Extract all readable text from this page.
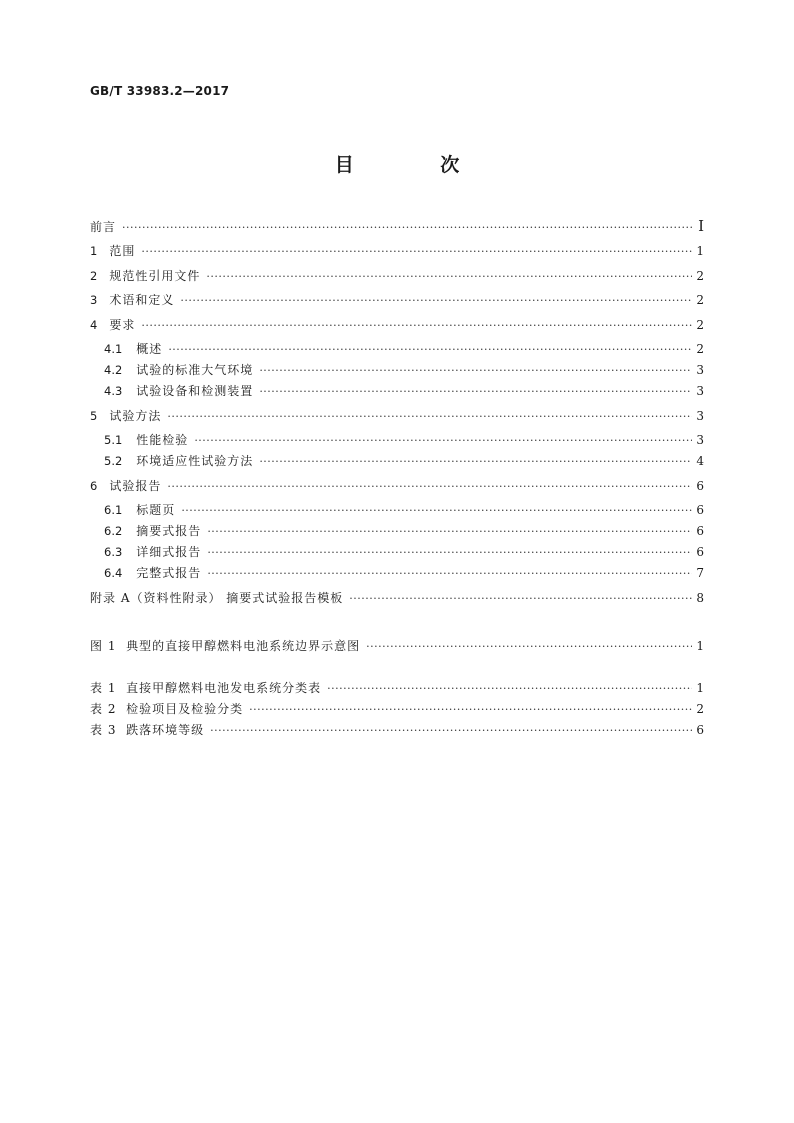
GB/T 33983.2—2017
目 次
前言 ·····	Ⅰ
1 范围 ·····	1
2 规范性引用文件 ·····	2
3 术语和定义 ·····	2
4 要求 ·····	2
4.1 概述 ·····	2
4.2 试验的标准大气环境 ·····	3
4.3 试验设备和检测装置 ·····	3
5 试验方法 ·····	3
5.1 性能检验 ·····	3
5.2 环境适应性试验方法 ·····	4
6 试验报告 ·····	6
6.1 标题页 ·····	6
6.2 摘要式报告 ·····	6
6.3 详细式报告 ·····	6
6.4 完整式报告 ·····	7
附录 A（资料性附录） 摘要式试验报告模板 ·····	8
图 1  典型的直接甲醇燃料电池系统边界示意图 ·····	1
表 1  直接甲醇燃料电池发电系统分类表 ·····	1
表 2  检验项目及检验分类 ·····	2
表 3  跌落环境等级 ·····	6
